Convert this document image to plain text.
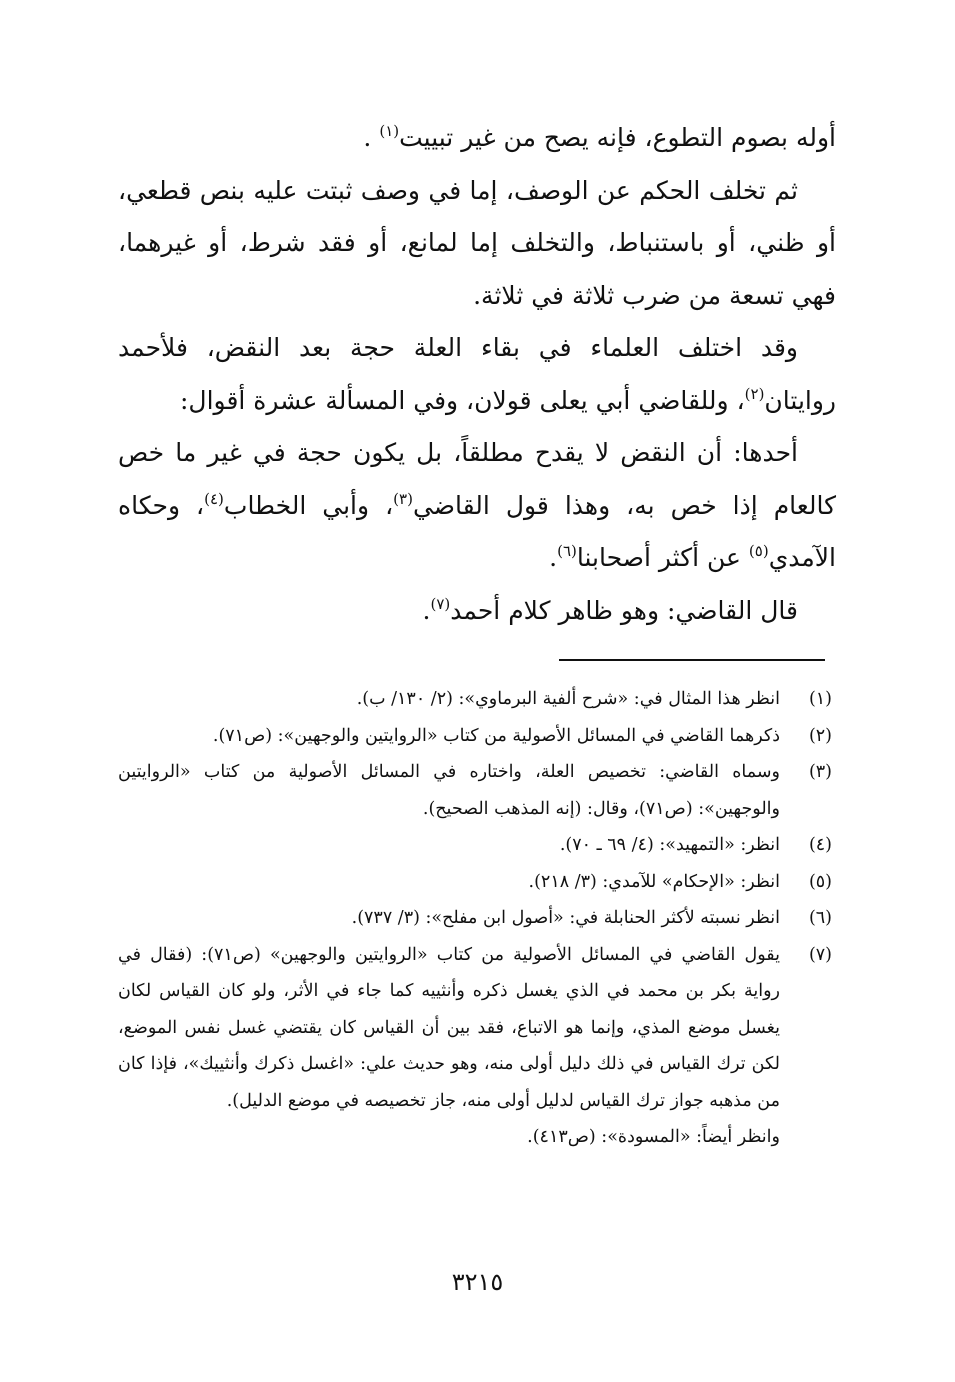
أوله بصوم التطوع، فإنه يصح من غير تبييت$^{(١)}$ .

ثم تخلف الحكم عن الوصف، إما في وصف ثبتت عليه بنص قطعي، أو ظني، أو باستنباط، والتخلف إما لمانع، أو فقد شرط، أو غيرهما، فهي تسعة من ضرب ثلاثة في ثلاثة.

وقد اختلف العلماء في بقاء العلة حجة بعد النقض، فلأحمد روايتان$^{(٢)}$، وللقاضي أبي يعلى قولان، وفي المسألة عشرة أقوال:

أحدها: أن النقض لا يقدح مطلقاً، بل يكون حجة في غير ما خص كالعام إذا خص به، وهذا قول القاضي$^{(٣)}$، وأبي الخطاب$^{(٤)}$، وحكاه الآمدي$^{(٥)}$ عن أكثر أصحابنا$^{(٦)}$.

قال القاضي: وهو ظاهر كلام أحمد$^{(٧)}$.

(١)
انظر هذا المثال في: «شرح ألفية البرماوي»: (٢/ ١٣٠/ ب).
(٢)
ذكرهما القاضي في المسائل الأصولية من كتاب «الروايتين والوجهين»: (ص٧١).
(٣)
وسماه القاضي: تخصيص العلة، واختاره في المسائل الأصولية من كتاب «الروايتين والوجهين»: (ص٧١)، وقال: (إنه المذهب الصحيح).
(٤)
انظر: «التمهيد»: (٤/ ٦٩ ـ ٧٠).
(٥)
انظر: «الإحكام» للآمدي: (٣/ ٢١٨).
(٦)
انظر نسبته لأكثر الحنابلة في: «أصول ابن مفلح»: (٣/ ٧٣٧).
(٧)
يقول القاضي في المسائل الأصولية من كتاب «الروايتين والوجهين» (ص٧١): (فقال في رواية بكر بن محمد في الذي يغسل ذكره وأنثييه كما جاء في الأثر، ولو كان القياس لكان يغسل موضع المذي، وإنما هو الاتباع، فقد بين أن القياس كان يقتضي غسل نفس الموضع، لكن ترك القياس في ذلك دليل أولى منه، وهو حديث علي: «اغسل ذكرك وأنثييك»، فإذا كان من مذهبه جواز ترك القياس لدليل أولى منه، جاز تخصيصه في موضع الدليل).
وانظر أيضاً: «المسودة»: (ص٤١٣).
٣٢١٥
